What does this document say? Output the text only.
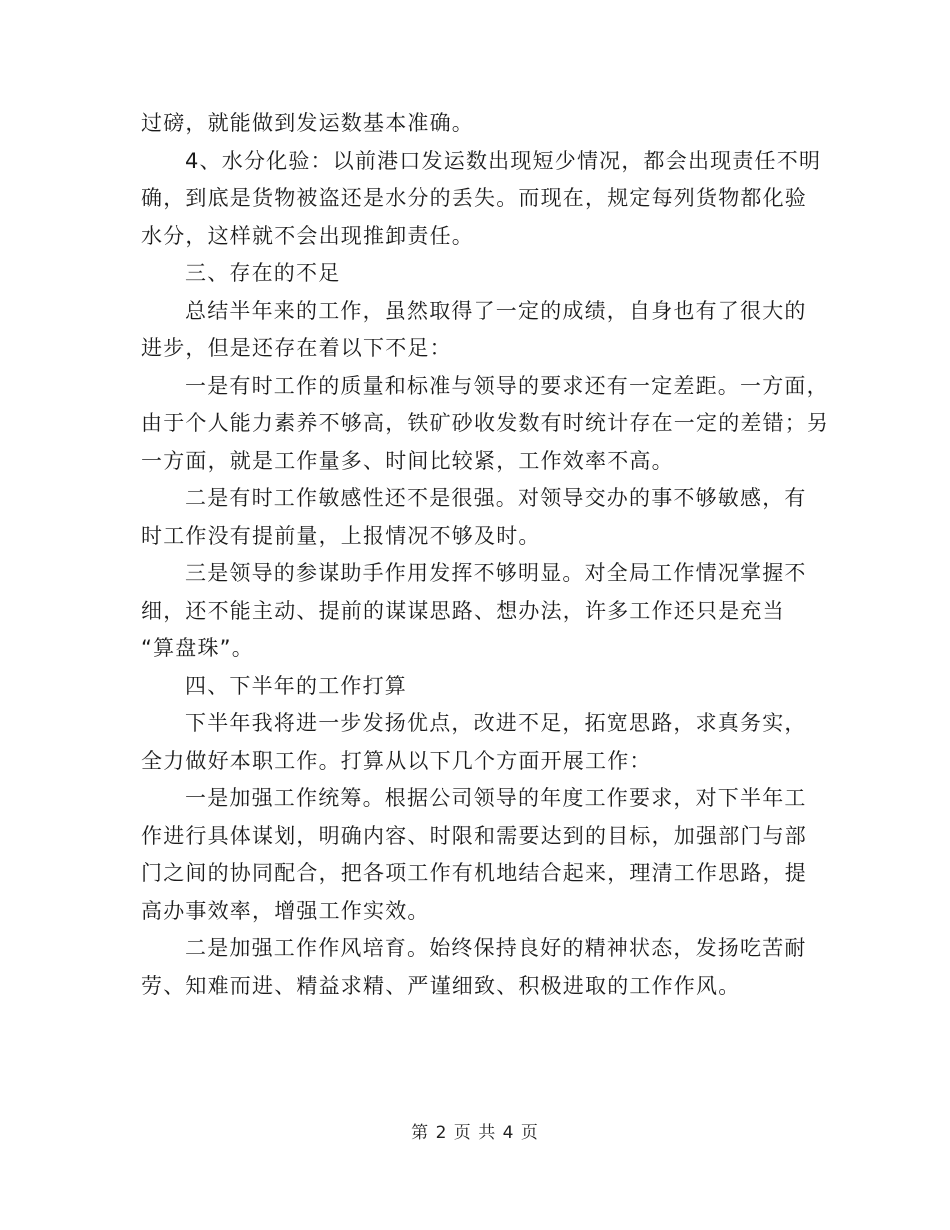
过磅，就能做到发运数基本准确。
4、水分化验：以前港口发运数出现短少情况，都会出现责任不明
确，到底是货物被盗还是水分的丢失。而现在，规定每列货物都化验
水分，这样就不会出现推卸责任。
三、存在的不足
总结半年来的工作，虽然取得了一定的成绩，自身也有了很大的
进步，但是还存在着以下不足：
一是有时工作的质量和标准与领导的要求还有一定差距。一方面，
由于个人能力素养不够高，铁矿砂收发数有时统计存在一定的差错；另
一方面，就是工作量多、时间比较紧，工作效率不高。
二是有时工作敏感性还不是很强。对领导交办的事不够敏感，有
时工作没有提前量，上报情况不够及时。
三是领导的参谋助手作用发挥不够明显。对全局工作情况掌握不
细，还不能主动、提前的谋谋思路、想办法，许多工作还只是充当
“算盘珠”。
四、下半年的工作打算
下半年我将进一步发扬优点，改进不足，拓宽思路，求真务实，
全力做好本职工作。打算从以下几个方面开展工作：
一是加强工作统筹。根据公司领导的年度工作要求，对下半年工
作进行具体谋划，明确内容、时限和需要达到的目标，加强部门与部
门之间的协同配合，把各项工作有机地结合起来，理清工作思路，提
高办事效率，增强工作实效。
二是加强工作作风培育。始终保持良好的精神状态，发扬吃苦耐
劳、知难而进、精益求精、严谨细致、积极进取的工作作风。
第 2 页 共 4 页
